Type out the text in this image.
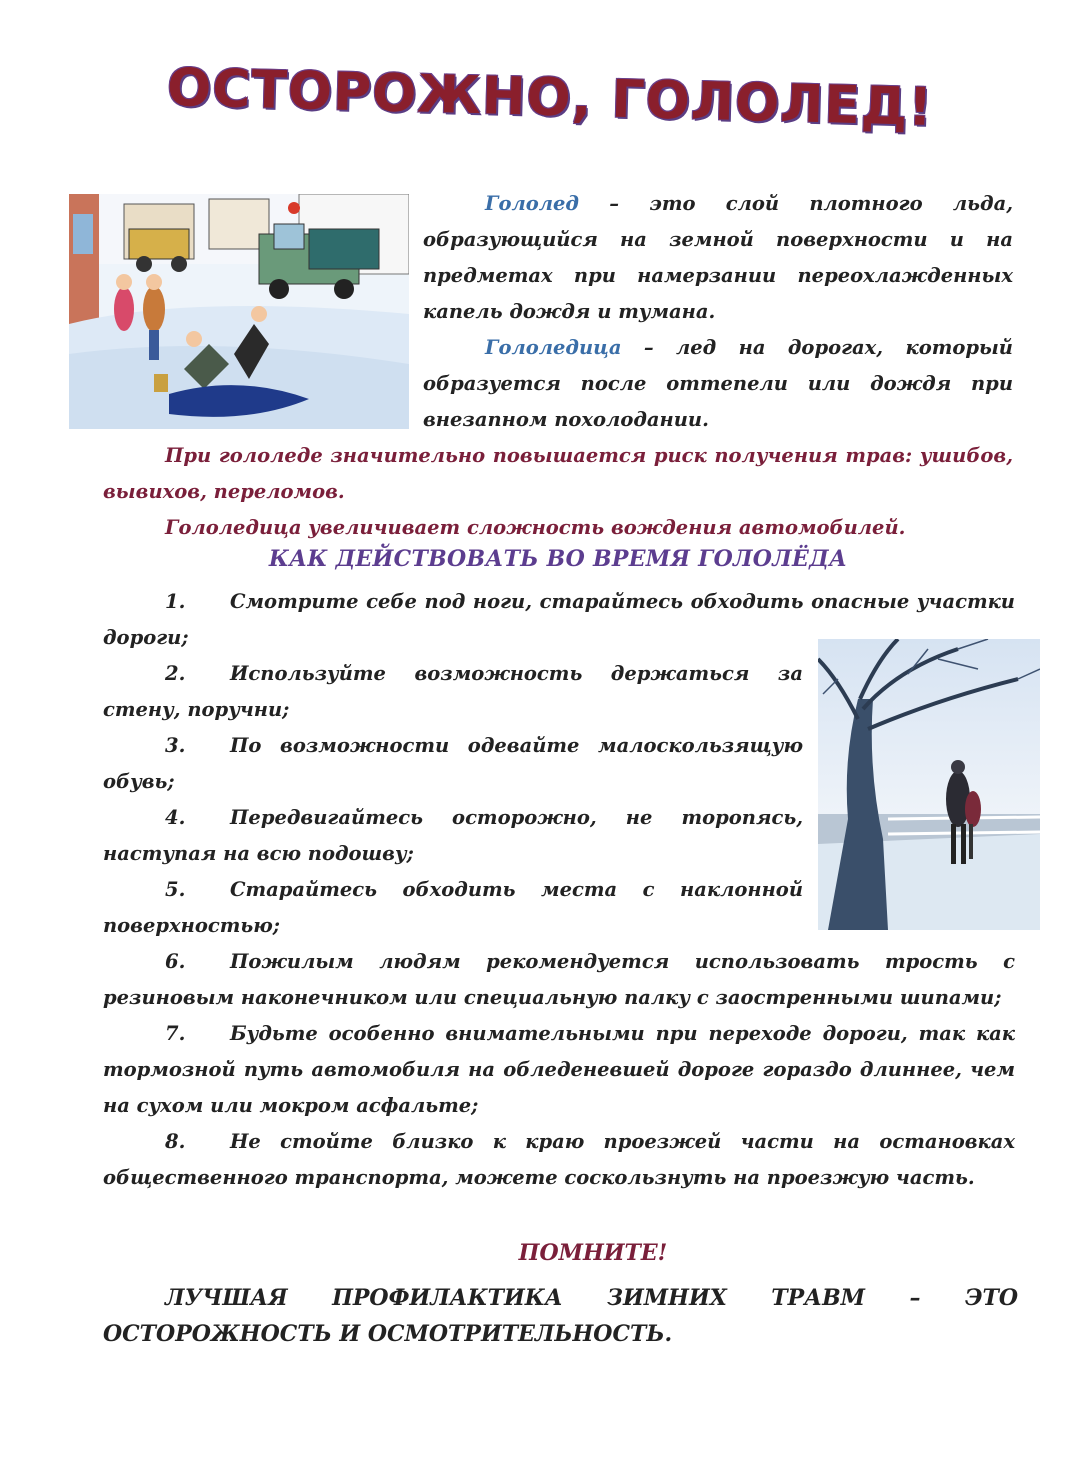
ОСТОРОЖНО, ГОЛОЛЕД!

Гололед – это слой плотного льда, образующийся на земной поверхности и на предметах при намерзании переохлажденных капель дождя и тумана.

Гололедица – лед на дорогах, который образуется после оттепели или дождя при внезапном похолодании.

При гололеде значительно повышается риск получения трав: ушибов, вывихов, переломов.

Гололедица увеличивает сложность вождения автомобилей.

КАК ДЕЙСТВОВАТЬ ВО ВРЕМЯ ГОЛОЛЁДА

1. Смотрите себе под ноги, старайтесь обходить опасные участки дороги;

2. Используйте возможность держаться за стену, поручни;

3. По возможности одевайте малоскользящую обувь;

4. Передвигайтесь осторожно, не торопясь, наступая на всю подошву;

5. Старайтесь обходить места с наклонной поверхностью;

6. Пожилым людям рекомендуется использовать трость с резиновым наконечником или специальную палку с заостренными шипами;

7. Будьте особенно внимательными при переходе дороги, так как тормозной путь автомобиля на обледеневшей дороге гораздо длиннее, чем на сухом или мокром асфальте;

8. Не стойте близко к краю проезжей части на остановках общественного транспорта, можете соскользнуть на проезжую часть.

ПОМНИТЕ!
ЛУЧШАЯ ПРОФИЛАКТИКА ЗИМНИХ ТРАВМ – ЭТО ОСТОРОЖНОСТЬ И ОСМОТРИТЕЛЬНОСТЬ.
